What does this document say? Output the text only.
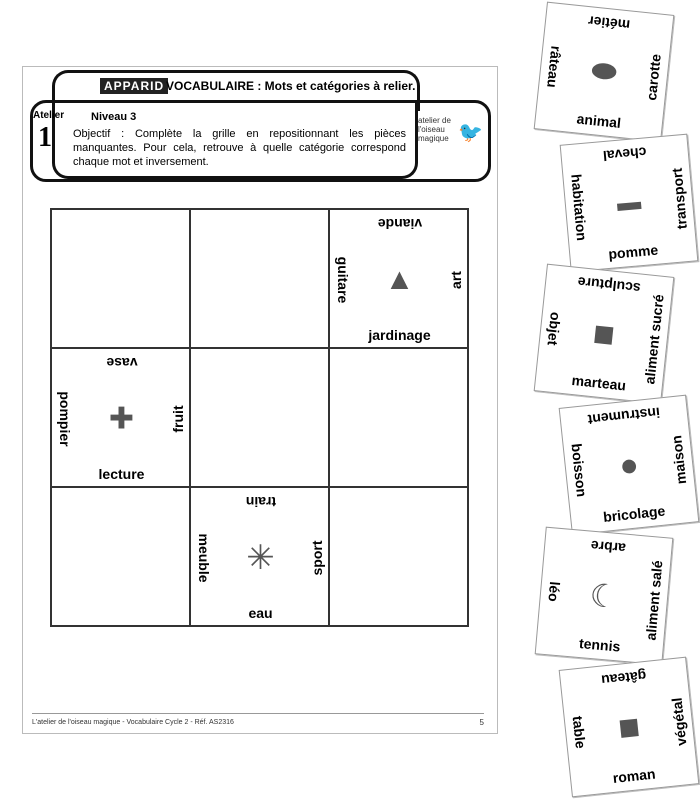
APPARID VOCABULAIRE : Mots et catégories à relier.
Atelier
1
Niveau 3
Objectif : Complète la grille en repositionnant les pièces manquantes. Pour cela, retrouve à quelle catégorie correspond chaque mot et inversement.
atelier de l'oiseau magique 🐦
viande
guitare	art
jardinage
▲
vase
pompier	fruit
lecture
✚
train
meuble	sport
eau
✳
métier
râteau	carotte
animal
⬬
cheval
habitation	transport
pomme
▬
sculpture
objet	aliment sucré
marteau
■
instrument
boisson	maison
bricolage
●
arbre
léo	aliment salé
tennis
☾
gâteau
table	végétal
roman
■
L'atelier de l'oiseau magique - Vocabulaire Cycle 2 - Réf. AS2316	5
